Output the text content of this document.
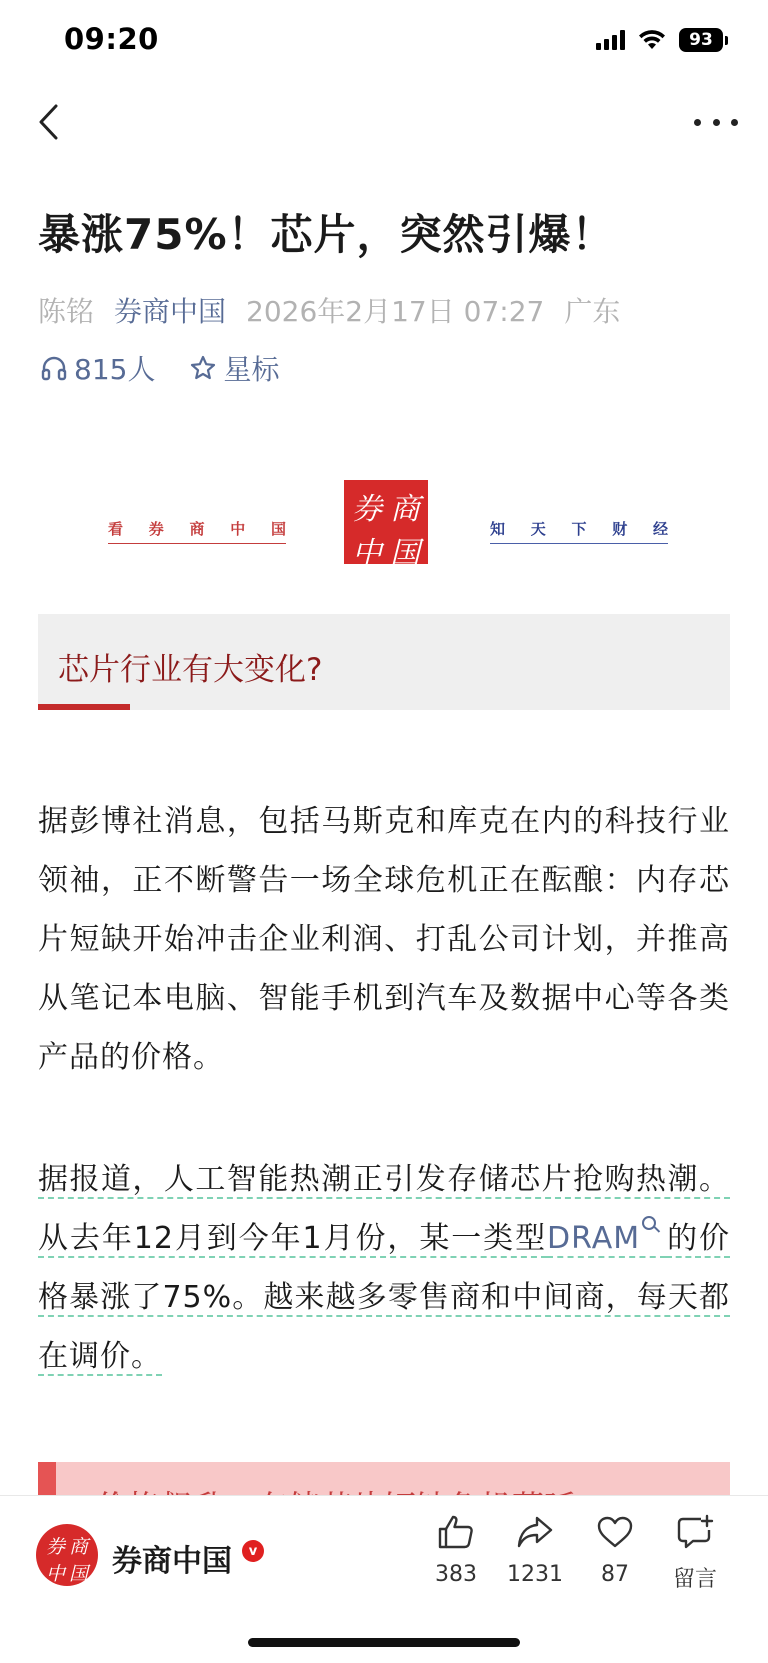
09:20	93
暴涨75%！芯片，突然引爆！
陈铭 券商中国 2026年2月17日 07:27 广东
815人 星标
看 券 商 中 国
券 商
中 国
知 天 下 财 经
芯片行业有大变化?
据彭博社消息，包括马斯克和库克在内的科技行业领袖，正不断警告一场全球危机正在酝酿：内存芯片短缺开始冲击企业利润、打乱公司计划，并推高从笔记本电脑、智能手机到汽车及数据中心等各类产品的价格。
据报道，人工智能热潮正引发存储芯片抢购热潮。从去年12月到今年1月份，某一类型DRAM 的价格暴涨了75%。越来越多零售商和中间商，每天都在调价。
券 商
中 国 券商中国	v
383 1231 87 留言
